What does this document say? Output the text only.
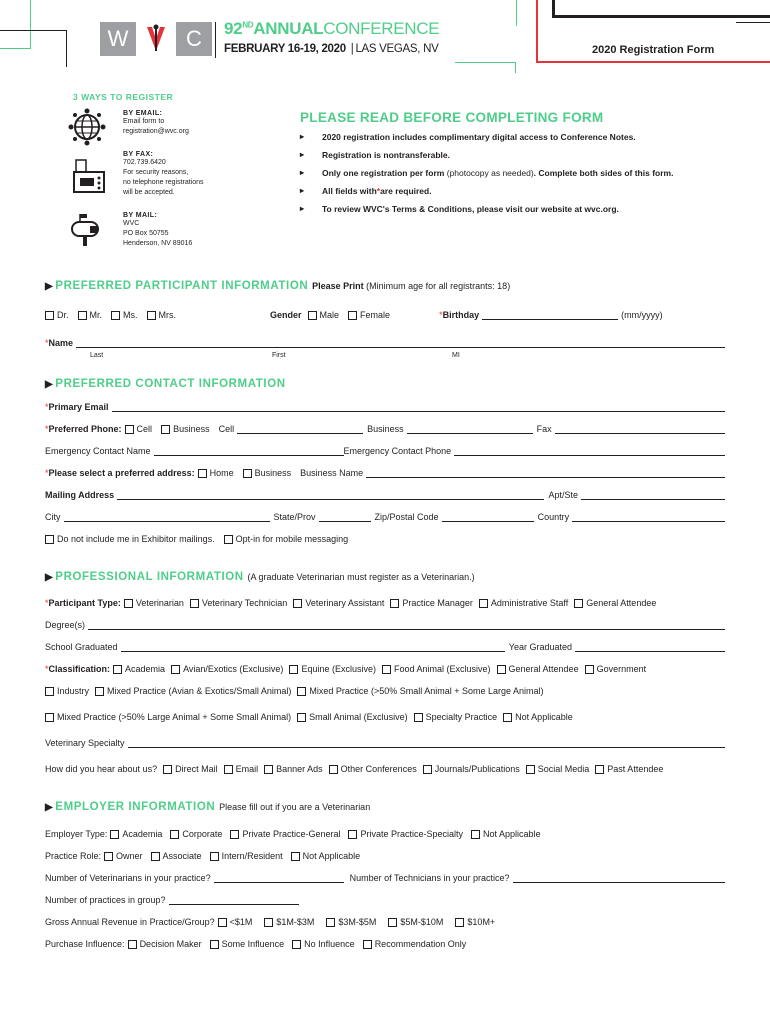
W	C	92NDANNUALCONFERENCE
FEBRUARY 16-19, 2020 | LAS VEGAS, NV	2020 Registration Form
3 WAYS TO REGISTER
BY EMAIL:
Email form to
registration@wvc.org
BY FAX:
702.739.6420
For security reasons,
no telephone registrations
will be accepted.
BY MAIL:
WVC
PO Box 50755
Henderson, NV 89016
PLEASE READ BEFORE COMPLETING FORM
▸	2020 registration includes complimentary digital access to Conference Notes.
▸	Registration is nontransferable.
▸	Only one registration per form
(photocopy as needed) . Complete both sides of this form.
▸	All fields with * are required.
▸	To review WVC's Terms & Conditions, please visit our website at wvc.org.
▶ PREFERRED PARTICIPANT INFORMATION Please Print (Minimum age for all registrants: 18)
Dr. Mr. Ms. Mrs.	Gender Male Female	* Birthday	(mm/yyyy)
* Name
Last	First	MI
▶ PREFERRED CONTACT INFORMATION
* Primary Email
* Preferred Phone: Cell Business Cell	Business	Fax
Emergency Contact Name	Emergency Contact Phone
* Please select a preferred address: Home Business Business Name
Mailing Address	Apt/Ste
City	State/Prov	Zip/Postal Code	Country
Do not include me in Exhibitor mailings. Opt-in for mobile messaging
▶ PROFESSIONAL INFORMATION (A graduate Veterinarian must register as a Veterinarian.)
* Participant Type: Veterinarian Veterinary Technician Veterinary Assistant Practice Manager Administrative Staff General Attendee
Degree(s)
School Graduated	Year Graduated
* Classification: Academia Avian/Exotics (Exclusive) Equine (Exclusive) Food Animal (Exclusive) General Attendee Government
Industry Mixed Practice (Avian & Exotics/Small Animal) Mixed Practice (>50% Small Animal + Some Large Animal)
Mixed Practice (>50% Large Animal + Some Small Animal) Small Animal (Exclusive) Specialty Practice Not Applicable
Veterinary Specialty
How did you hear about us? Direct Mail Email Banner Ads Other Conferences Journals/Publications Social Media Past Attendee
▶ EMPLOYER INFORMATION Please fill out if you are a Veterinarian
Employer Type: Academia Corporate Private Practice-General Private Practice-Specialty Not Applicable
Practice Role: Owner Associate Intern/Resident Not Applicable
Number of Veterinarians in your practice?	Number of Technicians in your practice?
Number of practices in group?
Gross Annual Revenue in Practice/Group? <$1M	$1M-$3M	$3M-$5M	$5M-$10M	$10M+
Purchase Influence: Decision Maker Some Influence No Influence Recommendation Only
